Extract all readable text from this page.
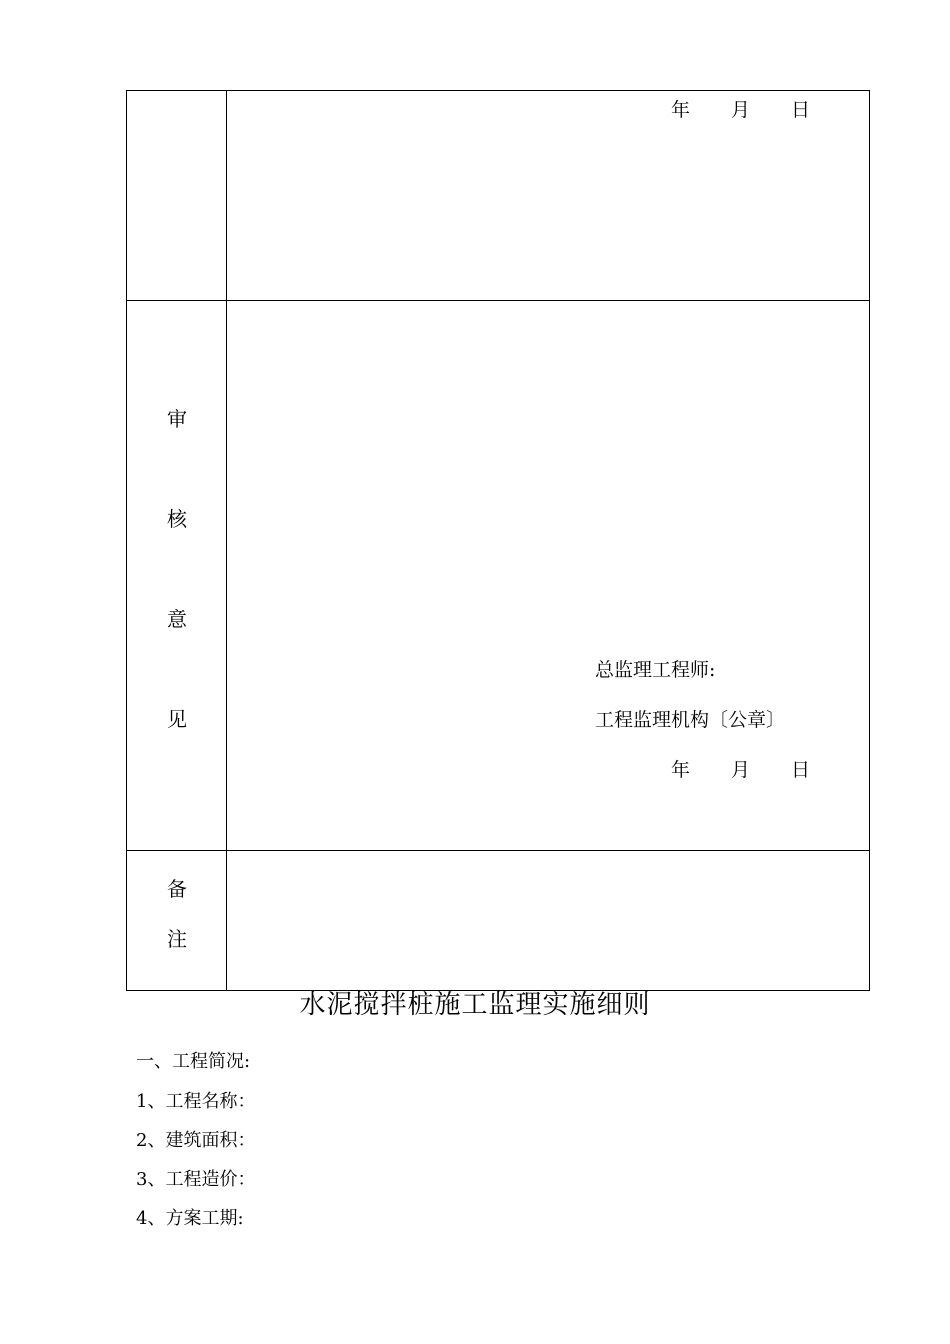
年 月 日
审
核
意
见
总监理工程师:
工程监理机构〔公章〕
年 月 日
备
注
水泥搅拌桩施工监理实施细则
一、工程简况:
1、工程名称：
2、建筑面积：
3、工程造价：
4、方案工期:
